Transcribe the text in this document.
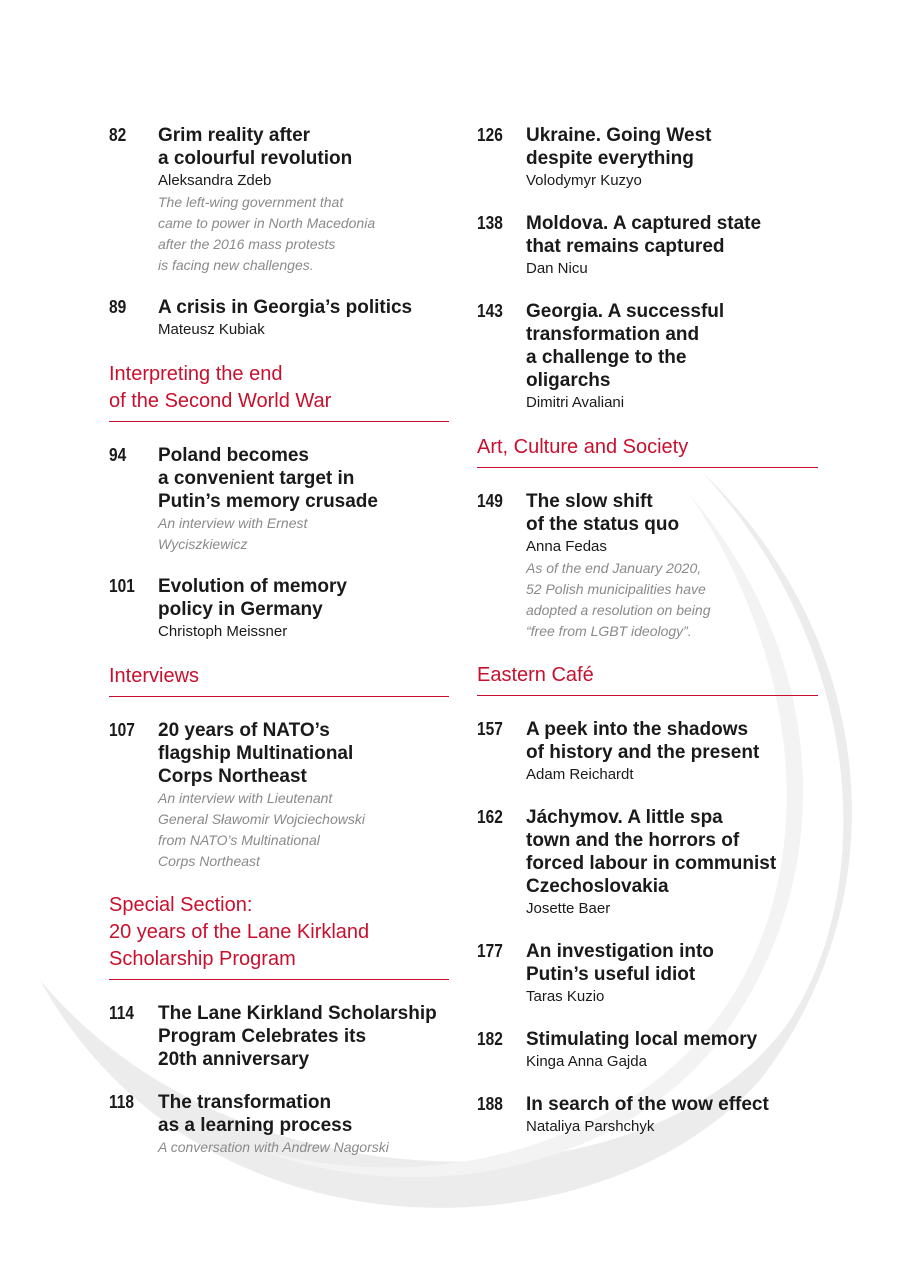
82	Grim reality after
a colourful revolution
Aleksandra Zdeb
The left-wing government that
came to power in North Macedonia
after the 2016 mass protests
is facing new challenges.
89	A crisis in Georgia’s politics
Mateusz Kubiak
Interpreting the end
of the Second World War
94	Poland becomes
a convenient target in
Putin’s memory crusade
An interview with Ernest
Wyciszkiewicz
101	Evolution of memory
policy in Germany
Christoph Meissner
Interviews
107	20 years of NATO’s
flagship Multinational
Corps Northeast
An interview with Lieutenant
General Sławomir Wojciechowski
from NATO’s Multinational
Corps Northeast
Special Section:
20 years of the Lane Kirkland
Scholarship Program
114	The Lane Kirkland Scholarship
Program Celebrates its
20th anniversary
118	The transformation
as a learning process
A conversation with Andrew Nagorski
126	Ukraine. Going West
despite everything
Volodymyr Kuzyo
138	Moldova. A captured state
that remains captured
Dan Nicu
143	Georgia. A successful
transformation and
a challenge to the
oligarchs
Dimitri Avaliani
Art, Culture and Society
149	The slow shift
of the status quo
Anna Fedas
As of the end January 2020,
52 Polish municipalities have
adopted a resolution on being
“free from LGBT ideology”.
Eastern Café
157	A peek into the shadows
of history and the present
Adam Reichardt
162	Jáchymov. A little spa
town and the horrors of
forced labour in communist
Czechoslovakia
Josette Baer
177	An investigation into
Putin’s useful idiot
Taras Kuzio
182	Stimulating local memory
Kinga Anna Gajda
188	In search of the wow effect
Nataliya Parshchyk
